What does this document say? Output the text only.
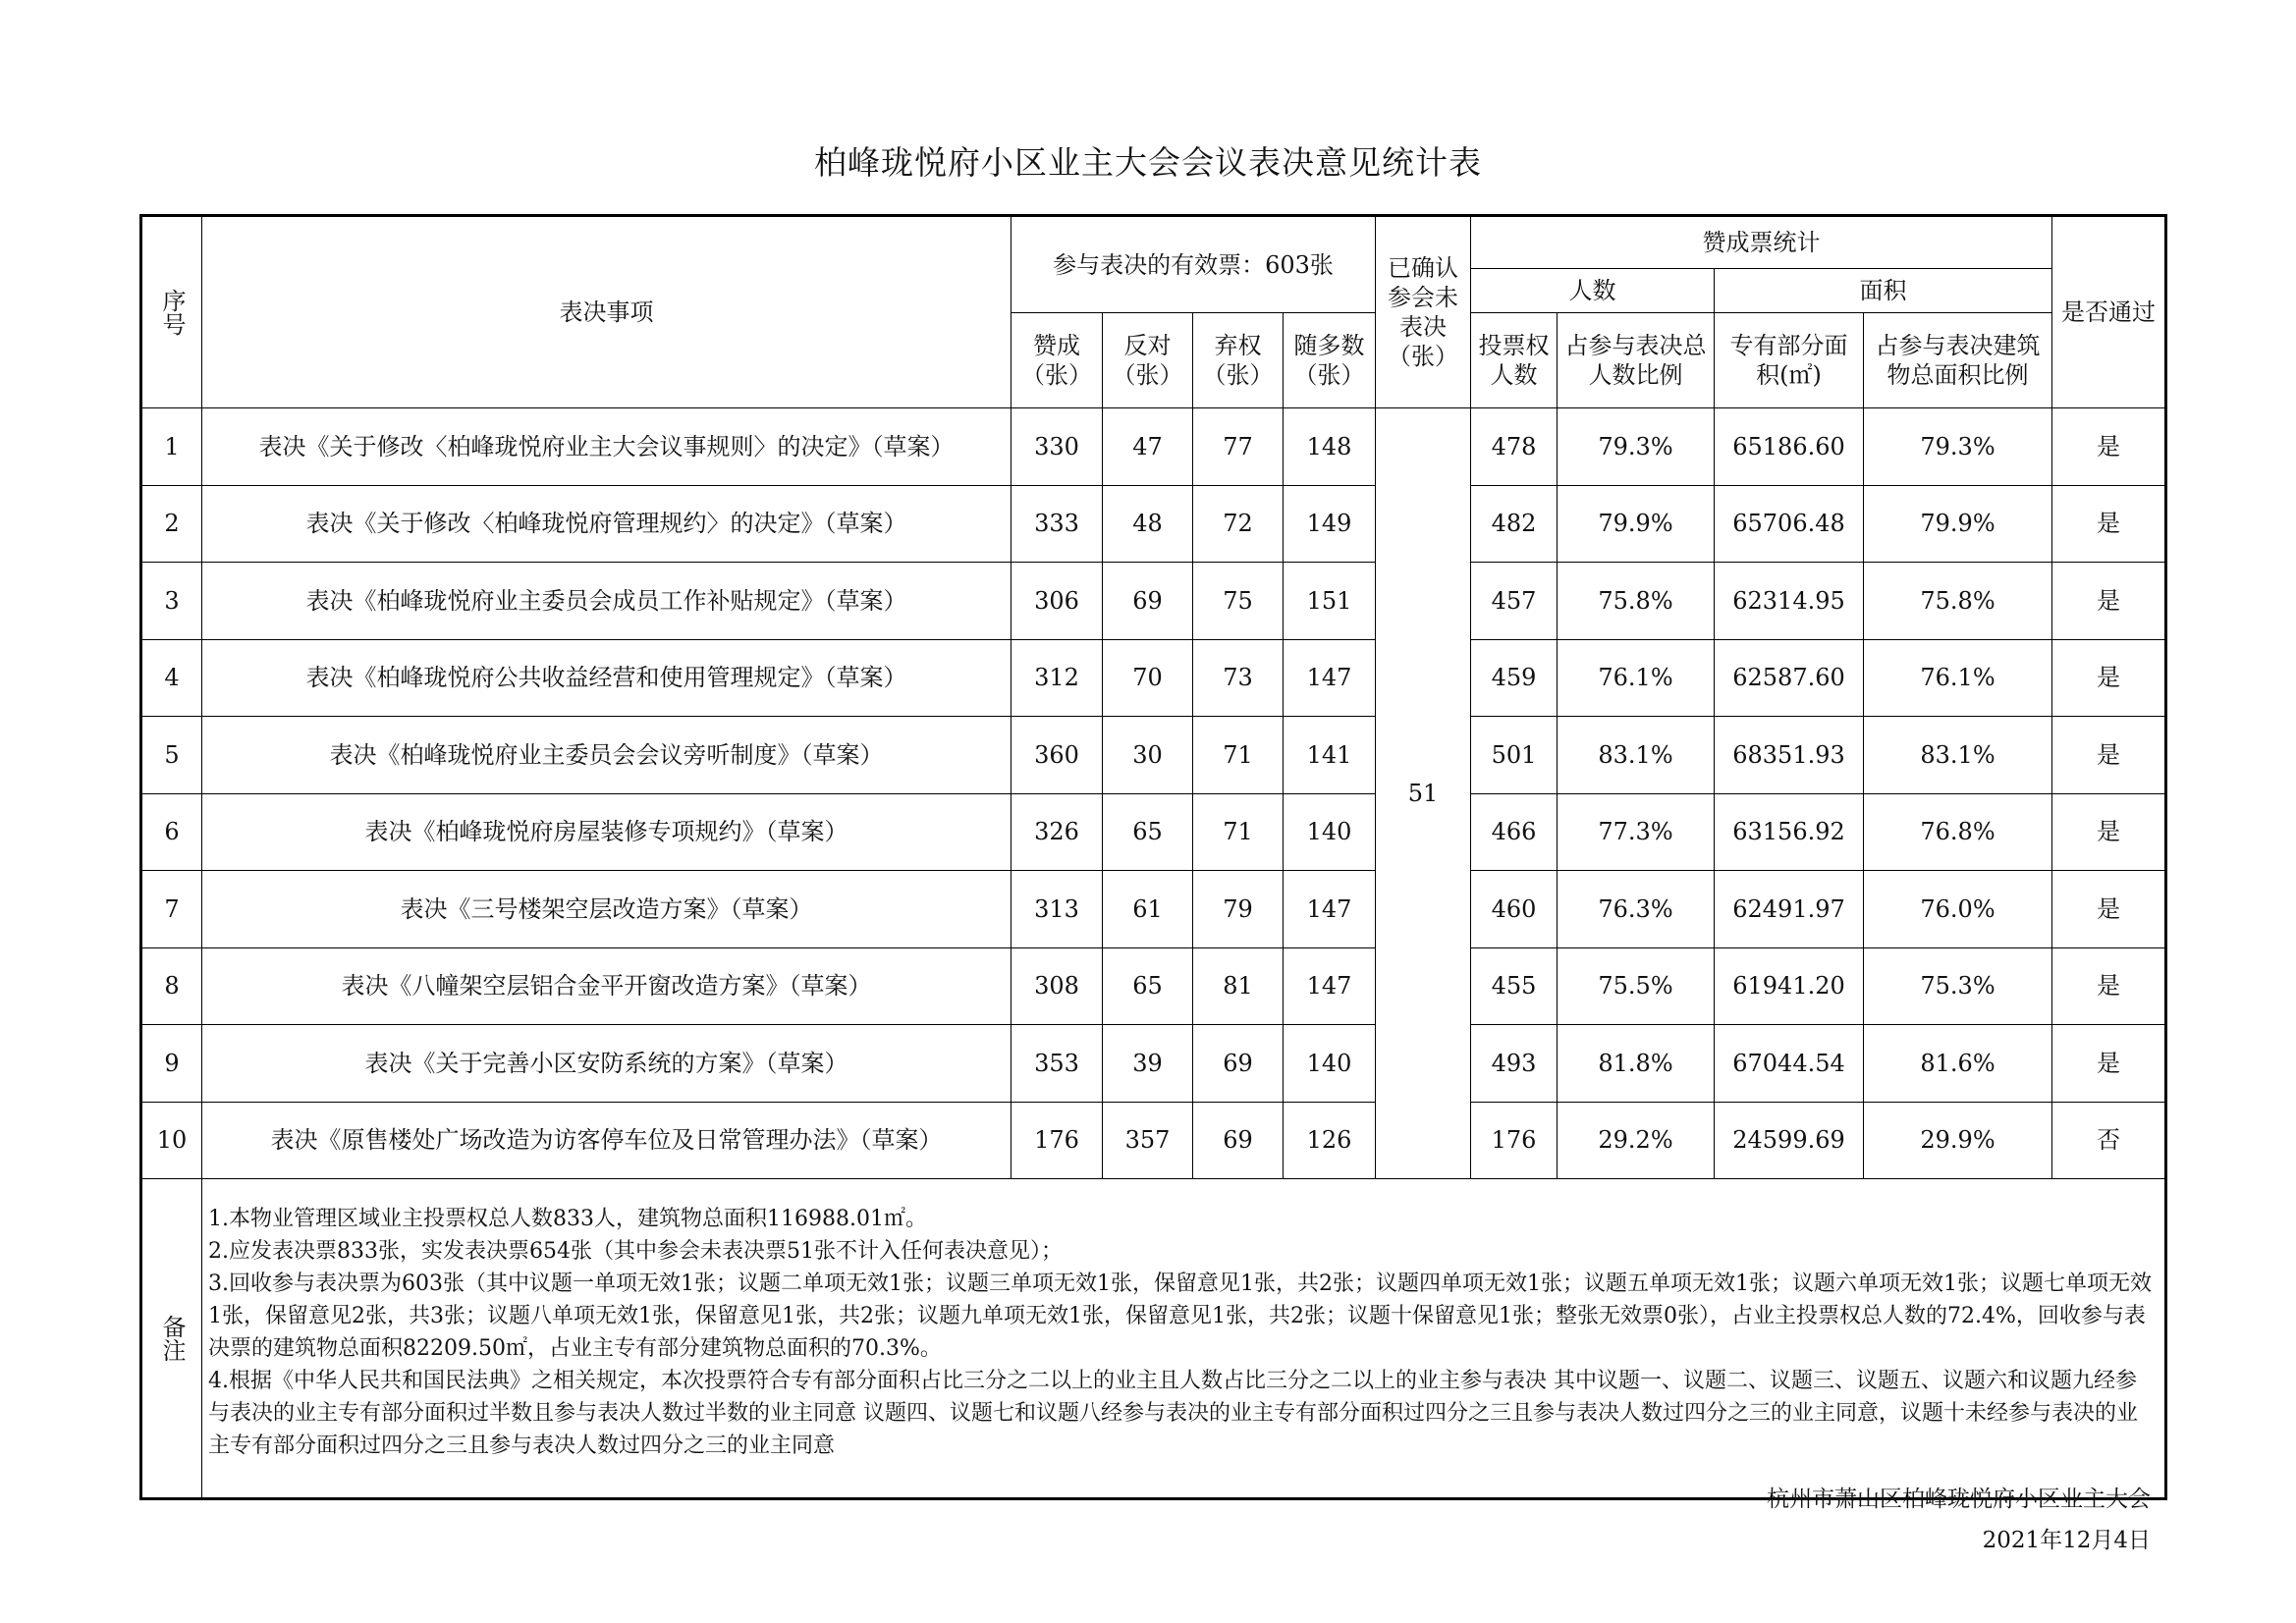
柏峰珑悦府小区业主大会会议表决意见统计表
序号	表决事项	参与表决的有效票：603张				已确认参会未表决（张）	赞成票统计				是否通过
							人数		面积		
		赞成（张）	反对（张）	弃权（张）	随多数（张）		投票权人数	占参与表决总人数比例	专有部分面积(㎡)	占参与表决建筑物总面积比例	
1	表决《关于修改〈柏峰珑悦府业主大会议事规则〉的决定》（草案）	330	47	77	148	51	478	79.3%	65186.60	79.3%	是
2	表决《关于修改〈柏峰珑悦府管理规约〉的决定》（草案）	333	48	72	149		482	79.9%	65706.48	79.9%	是
3	表决《柏峰珑悦府业主委员会成员工作补贴规定》（草案）	306	69	75	151		457	75.8%	62314.95	75.8%	是
4	表决《柏峰珑悦府公共收益经营和使用管理规定》（草案）	312	70	73	147		459	76.1%	62587.60	76.1%	是
5	表决《柏峰珑悦府业主委员会会议旁听制度》（草案）	360	30	71	141		501	83.1%	68351.93	83.1%	是
6	表决《柏峰珑悦府房屋装修专项规约》（草案）	326	65	71	140		466	77.3%	63156.92	76.8%	是
7	表决《三号楼架空层改造方案》（草案）	313	61	79	147		460	76.3%	62491.97	76.0%	是
8	表决《八幢架空层铝合金平开窗改造方案》（草案）	308	65	81	147		455	75.5%	61941.20	75.3%	是
9	表决《关于完善小区安防系统的方案》（草案）	353	39	69	140		493	81.8%	67044.54	81.6%	是
10	表决《原售楼处广场改造为访客停车位及日常管理办法》（草案）	176	357	69	126		176	29.2%	24599.69	29.9%	否
备注	1.本物业管理区域业主投票权总人数833人，建筑物总面积116988.01㎡。
2.应发表决票833张，实发表决票654张（其中参会未表决票51张不计入任何表决意见）；
3.回收参与表决票为603张（其中议题一单项无效1张；议题二单项无效1张；议题三单项无效1张，保留意见1张，共2张；议题四单项无效1张；议题五单项无效1张；议题六单项无效1张；议题七单项无效1张，保留意见2张，共3张；议题八单项无效1张，保留意见1张，共2张；议题九单项无效1张，保留意见1张，共2张；议题十保留意见1张；整张无效票0张），占业主投票权总人数的72.4%，回收参与表决票的建筑物总面积82209.50㎡，占业主专有部分建筑物总面积的70.3%。
4.根据《中华人民共和国民法典》之相关规定，本次投票符合专有部分面积占比三分之二以上的业主且人数占比三分之二以上的业主参与表决 其中议题一、议题二、议题三、议题五、议题六和议题九经参与表决的业主专有部分面积过半数且参与表决人数过半数的业主同意 议题四、议题七和议题八经参与表决的业主专有部分面积过四分之三且参与表决人数过四分之三的业主同意，议题十未经参与表决的业主专有部分面积过四分之三且参与表决人数过四分之三的业主同意										
杭州市萧山区柏峰珑悦府小区业主大会
2021年12月4日
